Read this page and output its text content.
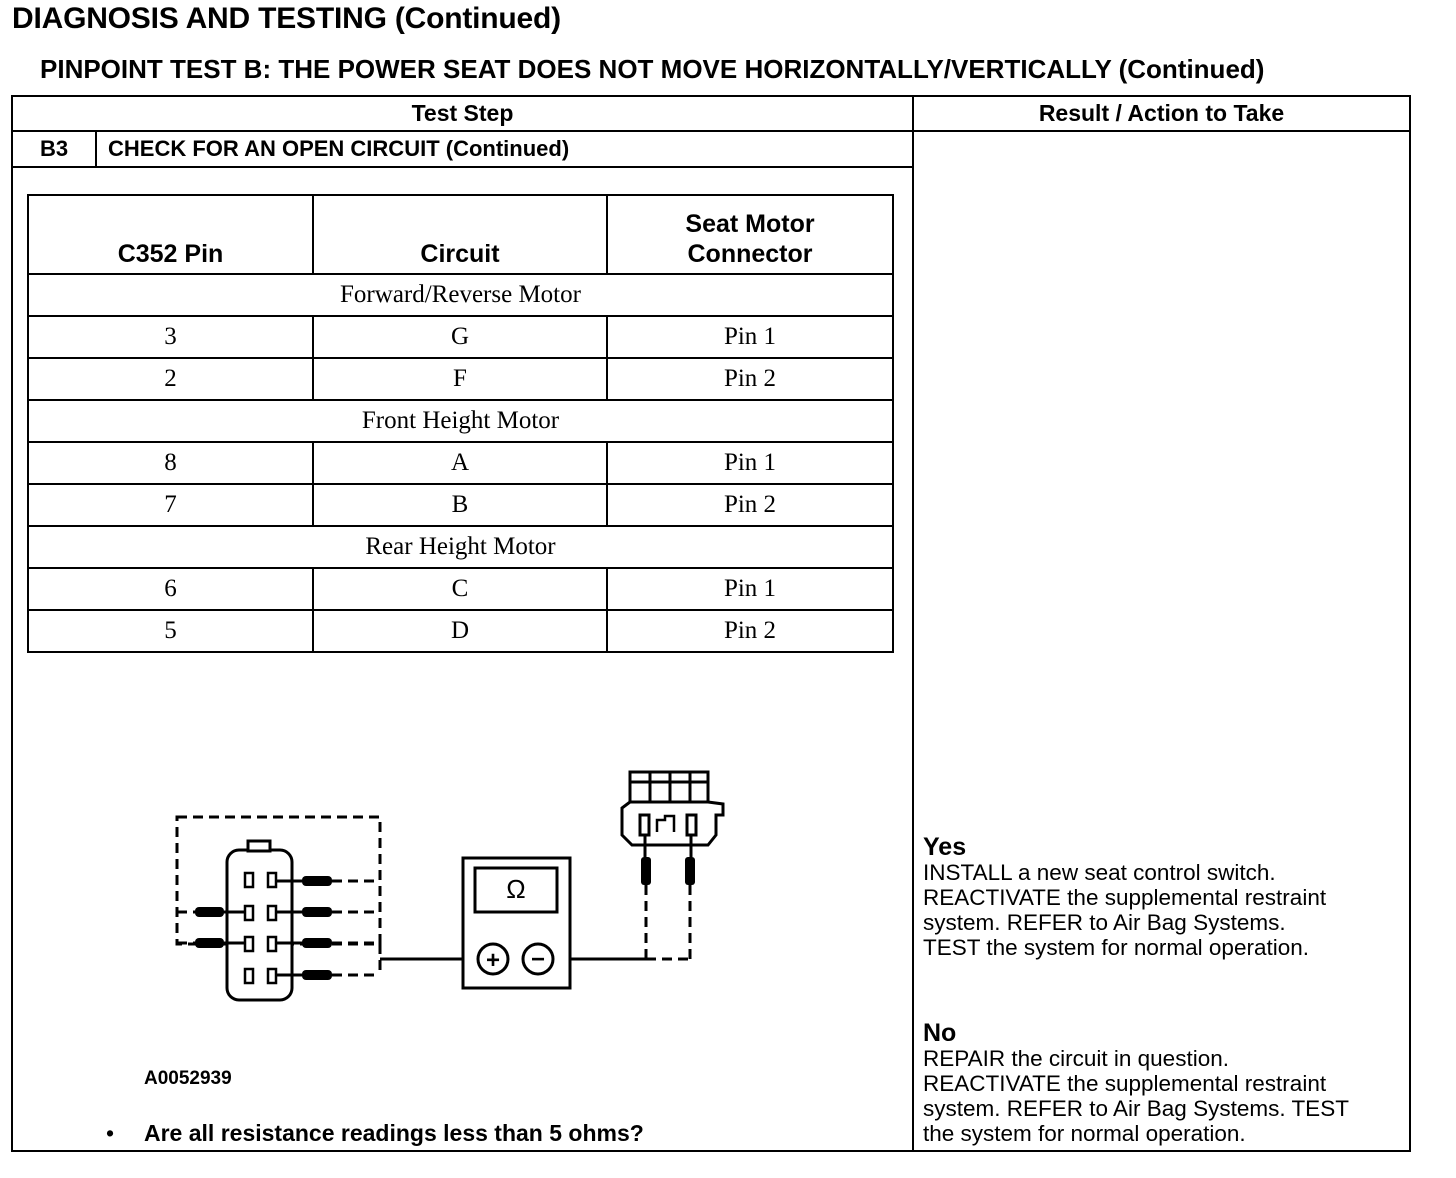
DIAGNOSIS AND TESTING (Continued)
PINPOINT TEST B: THE POWER SEAT DOES NOT MOVE HORIZONTALLY/VERTICALLY (Continued)
Test Step	Result / Action to Take
B3	CHECK FOR AN OPEN CIRCUIT (Continued)
C352 Pin	Circuit	Seat Motor Connector
Forward/Reverse Motor		
3	G	Pin 1
2	F	Pin 2
Front Height Motor		
8	A	Pin 1
7	B	Pin 2
Rear Height Motor		
6	C	Pin 1
5	D	Pin 2
Ω
+ −
A0052939
• Are all resistance readings less than 5 ohms?
Yes

INSTALL a new seat control switch.

REACTIVATE the supplemental restraint

system. REFER to Air Bag Systems.

TEST the system for normal operation.

No

REPAIR the circuit in question.

REACTIVATE the supplemental restraint

system. REFER to Air Bag Systems. TEST

the system for normal operation.
